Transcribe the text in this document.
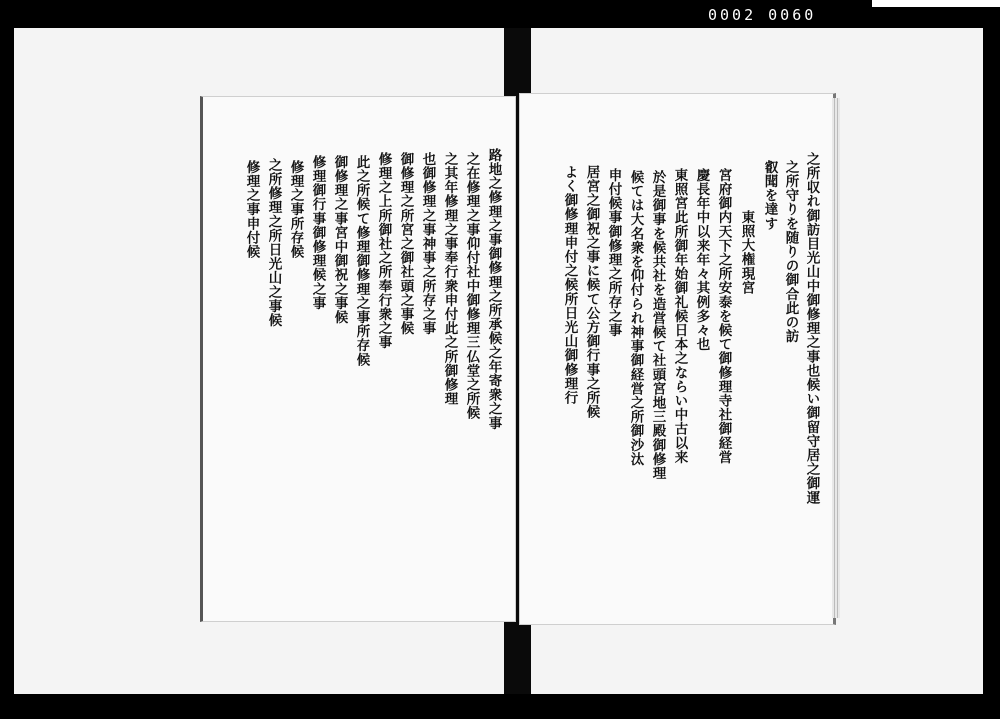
0002 0060
之所収れ御訪目光山中御修理之事也候い御留守居之御運
之所守りを随りの御合此の訪
叡聞を達す
東照大権現宮
宮府御内天下之所安泰を候て御修理寺社御経営
慶長年中以来年々其例多々也
東照宮此所御年始御礼候日本之ならい中古以来
於是御事を候共社を造営候て社頭宮地三殿御修理
候ては大名衆を仰付られ神事御経営之所御沙汰
申付候事御修理之所存之事
居宮之御祝之事に候て公方御行事之所候
よく御修理申付之候所日光山御修理行
路地之修理之事御修理之所承候之年寄衆之事
之在修理之事仰付社中御修理三仏堂之所候
之其年修理之事奉行衆申付此之所御修理
也御修理之事神事之所存之事
御修理之所宮之御社頭之事候
修理之上所御社之所奉行衆之事
此之所候て修理御修理之事所存候
御修理之事宮中御祝之事候
修理御行事御修理候之事
修理之事所存候
之所修理之所日光山之事候
修理之事申付候
